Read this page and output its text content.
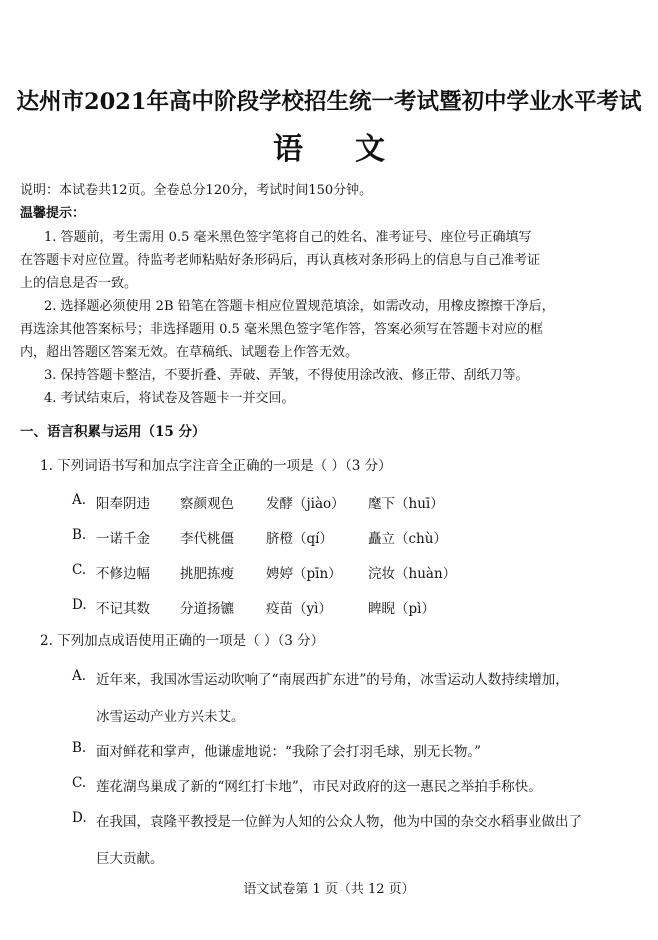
达州市2021年高中阶段学校招生统一考试暨初中学业水平考试
语文
说明：本试卷共12页。全卷总分120分，考试时间150分钟。
温馨提示：
1. 答题前，考生需用 0.5 毫米黑色签字笔将自己的姓名、准考证号、座位号正确填写
在答题卡对应位置。待监考老师粘贴好条形码后，再认真核对条形码上的信息与自己准考证
上的信息是否一致。
2. 选择题必须使用 2B 铅笔在答题卡相应位置规范填涂，如需改动，用橡皮擦擦干净后，
再选涂其他答案标号；非选择题用 0.5 毫米黑色签字笔作答，答案必须写在答题卡对应的框
内，超出答题区答案无效。在草稿纸、试题卷上作答无效。
3. 保持答题卡整洁，不要折叠、弄破、弄皱，不得使用涂改液、修正带、刮纸刀等。
4. 考试结束后，将试卷及答题卡一并交回。
一、语言积累与运用（15 分）
1. 下列词语书写和加点字注音全正确的一项是（ ）（3 分）
A. 阳奉阴违 察颜观色 发酵（jiào） 麾下（huī）
B. 一诺千金 李代桃僵 脐橙（qí）	矗立（chù）
C. 不修边幅 挑肥拣瘦 娉婷（pīn） 浣妆（huàn）
D. 不记其数 分道扬镳 疫苗（yì）	睥睨（pì）
2. 下列加点成语使用正确的一项是（ ）（3 分）
A. 近年来，我国冰雪运动吹响了“南展西扩东进”的号角，冰雪运动人数持续增加，
冰雪运动产业方兴未艾。
B. 面对鲜花和掌声，他谦虚地说：“我除了会打羽毛球，别无长物。”
C. 莲花湖鸟巢成了新的“网红打卡地”，市民对政府的这一惠民之举拍手称快。
D. 在我国，袁隆平教授是一位鲜为人知的公众人物，他为中国的杂交水稻事业做出了
巨大贡献。
语文试卷第 1 页（共 12 页）
